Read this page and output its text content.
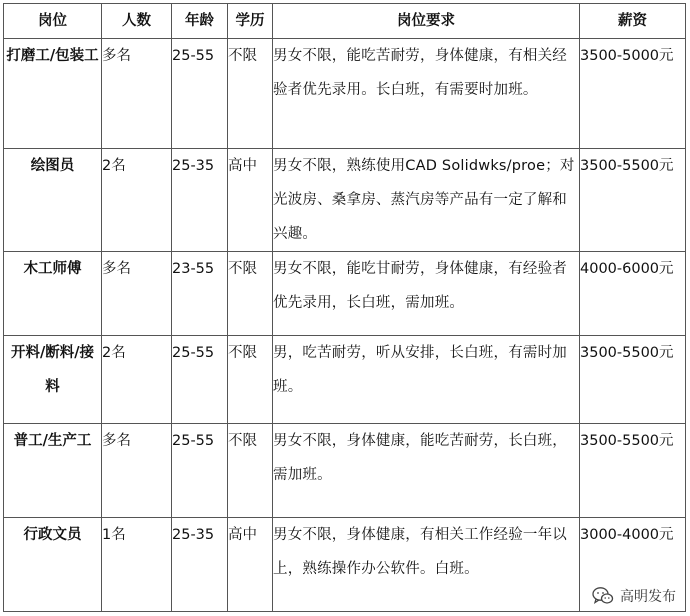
岗位	人数	年龄	学历	岗位要求	薪资
打磨工/包装工	多名	25-55	不限	男女不限，能吃苦耐劳，身体健康，有相关经验者优先录用。长白班，有需要时加班。	3500-5000元
绘图员	2名	25-35	高中	男女不限，熟练使用CAD Solidwks/proe；对光波房、桑拿房、蒸汽房等产品有一定了解和兴趣。	3500-5500元
木工师傅	多名	23-55	不限	男女不限，能吃甘耐劳，身体健康，有经验者优先录用，长白班，需加班。	4000-6000元
开料/断料/接料	2名	25-55	不限	男，吃苦耐劳，听从安排，长白班，有需时加班。	3500-5500元
普工/生产工	多名	25-55	不限	男女不限，身体健康，能吃苦耐劳，长白班，需加班。	3500-5500元
行政文员	1名	25-35	高中	男女不限，身体健康，有相关工作经验一年以上，熟练操作办公软件。白班。	3000-4000元
高明发布
